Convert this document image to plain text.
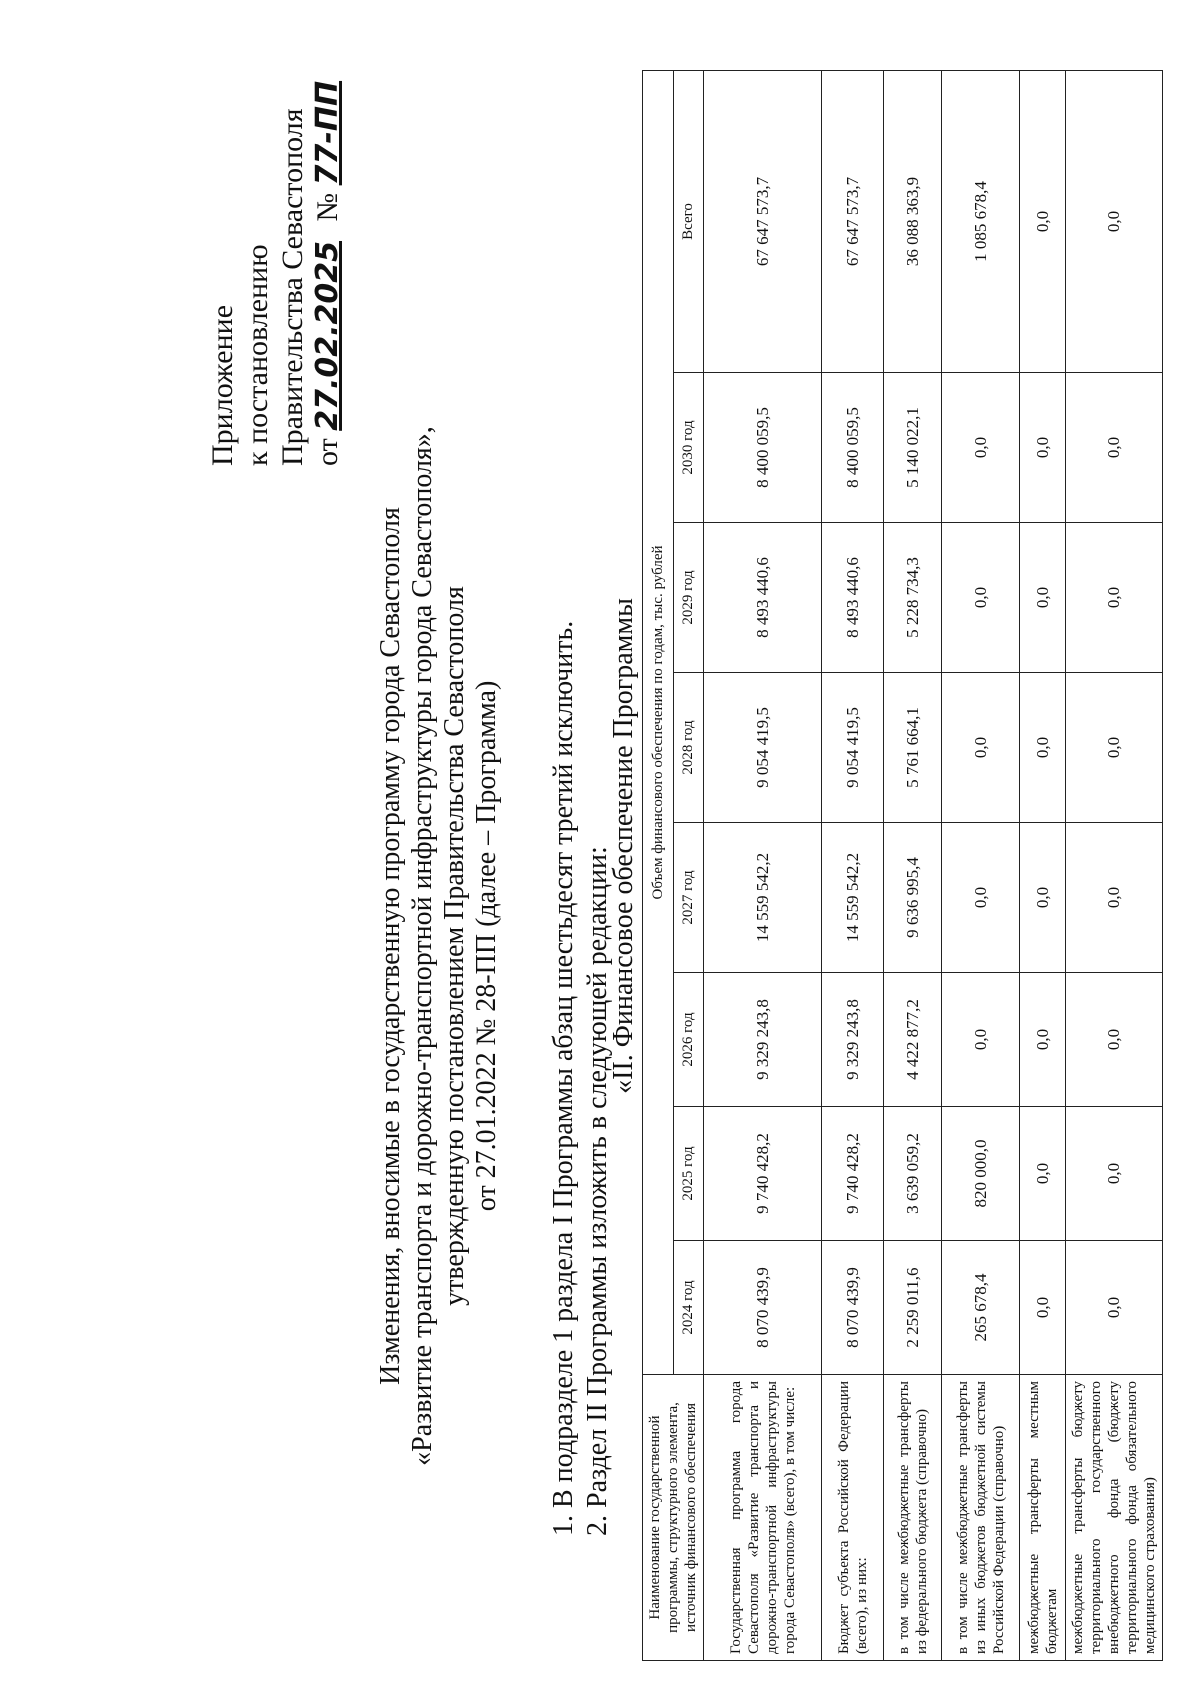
Приложение к постановлению Правительства Севастополя от 27.02.2025 № 77-ПП
Изменения, вносимые в государственную программу города Севастополя «Развитие транспорта и дорожно-транспортной инфраструктуры города Севастополя», утвержденную постановлением Правительства Севастополя от 27.01.2022 № 28-ПП (далее – Программа) 1. В подразделе 1 раздела I Программы абзац шестьдесят третий исключить. 2. Раздел II Программы изложить в следующей редакции:
«II. Финансовое обеспечение Программы
Наименование государственной программы, структурного элемента, источник финансового обеспечения	Объем финансового обеспечения по годам, тыс. рублей							
	2024 год	2025 год	2026 год	2027 год	2028 год	2029 год	2030 год	Всего
Государственная программа города Севастополя «Развитие транспорта и дорожно-транспортной инфраструктуры города Севастополя» (всего), в том числе:	8 070 439,9	9 740 428,2	9 329 243,8	14 559 542,2	9 054 419,5	8 493 440,6	8 400 059,5	67 647 573,7
Бюджет субъекта Российской Федерации (всего), из них:	8 070 439,9	9 740 428,2	9 329 243,8	14 559 542,2	9 054 419,5	8 493 440,6	8 400 059,5	67 647 573,7
в том числе межбюджетные трансферты из федерального бюджета (справочно)	2 259 011,6	3 639 059,2	4 422 877,2	9 636 995,4	5 761 664,1	5 228 734,3	5 140 022,1	36 088 363,9
в том числе межбюджетные трансферты из иных бюджетов бюджетной системы Российской Федерации (справочно)	265 678,4	820 000,0	0,0	0,0	0,0	0,0	0,0	1 085 678,4
межбюджетные трансферты местным бюджетам	0,0	0,0	0,0	0,0	0,0	0,0	0,0	0,0
межбюджетные трансферты бюджету территориального государственного внебюджетного фонда (бюджету территориального фонда обязательного медицинского страхования)	0,0	0,0	0,0	0,0	0,0	0,0	0,0	0,0
